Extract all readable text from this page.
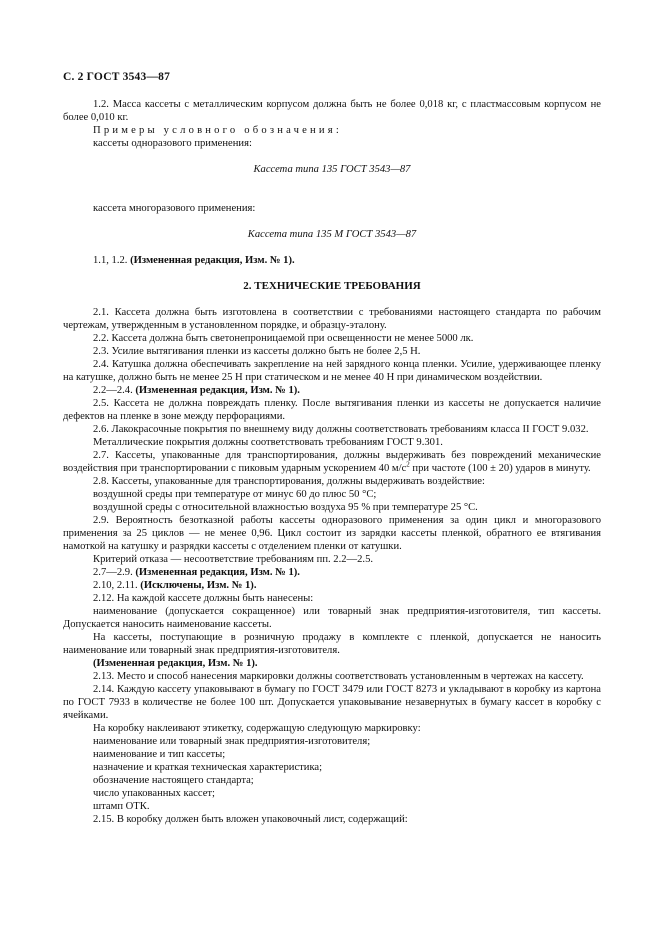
С. 2 ГОСТ 3543—87

1.2. Масса кассеты с металлическим корпусом должна быть не более 0,018 кг, с пластмассовым корпусом не более 0,010 кг.

Примеры условного обозначения:

кассеты одноразового применения:

Кассета типа 135 ГОСТ 3543—87

кассета многоразового применения:

Кассета типа 135 М ГОСТ 3543—87

1.1, 1.2. (Измененная редакция, Изм. № 1).

2. ТЕХНИЧЕСКИЕ ТРЕБОВАНИЯ

2.1. Кассета должна быть изготовлена в соответствии с требованиями настоящего стандарта по рабочим чертежам, утвержденным в установленном порядке, и образцу-эталону.

2.2. Кассета должна быть светонепроницаемой при освещенности не менее 5000 лк.

2.3. Усилие вытягивания пленки из кассеты должно быть не более 2,5 Н.

2.4. Катушка должна обеспечивать закрепление на ней зарядного конца пленки. Усилие, удерживающее пленку на катушке, должно быть не менее 25 Н при статическом и не менее 40 Н при динамическом воздействии.

2.2—2.4. (Измененная редакция, Изм. № 1).

2.5. Кассета не должна повреждать пленку. После вытягивания пленки из кассеты не допускается наличие дефектов на пленке в зоне между перфорациями.

2.6. Лакокрасочные покрытия по внешнему виду должны соответствовать требованиям класса II ГОСТ 9.032.

Металлические покрытия должны соответствовать требованиям ГОСТ 9.301.

2.7. Кассеты, упакованные для транспортирования, должны выдерживать без повреждений механические воздействия при транспортировании с пиковым ударным ускорением 40 $м/с^2$ при частоте (100 ± 20) ударов в минуту.

2.8. Кассеты, упакованные для транспортирования, должны выдерживать воздействие:

воздушной среды при температуре от минус 60 до плюс 50 °С;

воздушной среды с относительной влажностью воздуха 95 % при температуре 25 °С.

2.9. Вероятность безотказной работы кассеты одноразового применения за один цикл и многоразового применения за 25 циклов — не менее 0,96. Цикл состоит из зарядки кассеты пленкой, обратного ее втягивания намоткой на катушку и разрядки кассеты с отделением пленки от катушки.

Критерий отказа — несоответствие требованиям пп. 2.2—2.5.

2.7—2.9. (Измененная редакция, Изм. № 1).

2.10, 2.11. (Исключены, Изм. № 1).

2.12. На каждой кассете должны быть нанесены:

наименование (допускается сокращенное) или товарный знак предприятия-изготовителя, тип кассеты. Допускается наносить наименование кассеты.

На кассеты, поступающие в розничную продажу в комплекте с пленкой, допускается не наносить наименование или товарный знак предприятия-изготовителя.

(Измененная редакция, Изм. № 1).

2.13. Место и способ нанесения маркировки должны соответствовать установленным в чертежах на кассету.

2.14. Каждую кассету упаковывают в бумагу по ГОСТ 3479 или ГОСТ 8273 и укладывают в коробку из картона по ГОСТ 7933 в количестве не более 100 шт. Допускается упаковывание незавернутых в бумагу кассет в коробку с ячейками.

На коробку наклеивают этикетку, содержащую следующую маркировку:

наименование или товарный знак предприятия-изготовителя;

наименование и тип кассеты;

назначение и краткая техническая характеристика;

обозначение настоящего стандарта;

число упакованных кассет;

штамп ОТК.

2.15. В коробку должен быть вложен упаковочный лист, содержащий:
